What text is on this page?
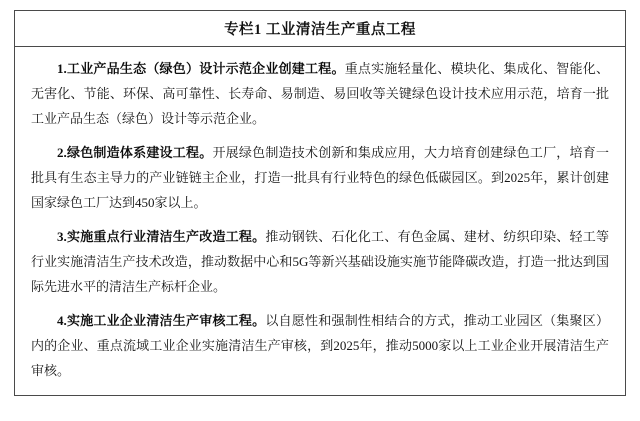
专栏1 工业清洁生产重点工程

1.工业产品生态（绿色）设计示范企业创建工程。重点实施轻量化、模块化、集成化、智能化、无害化、节能、环保、高可靠性、长寿命、易制造、易回收等关键绿色设计技术应用示范，培育一批工业产品生态（绿色）设计等示范企业。

2.绿色制造体系建设工程。开展绿色制造技术创新和集成应用，大力培育创建绿色工厂，培育一批具有生态主导力的产业链链主企业，打造一批具有行业特色的绿色低碳园区。到2025年，累计创建国家绿色工厂达到450家以上。

3.实施重点行业清洁生产改造工程。推动钢铁、石化化工、有色金属、建材、纺织印染、轻工等行业实施清洁生产技术改造，推动数据中心和5G等新兴基础设施实施节能降碳改造，打造一批达到国际先进水平的清洁生产标杆企业。

4.实施工业企业清洁生产审核工程。以自愿性和强制性相结合的方式，推动工业园区（集聚区）内的企业、重点流域工业企业实施清洁生产审核，到2025年，推动5000家以上工业企业开展清洁生产审核。
